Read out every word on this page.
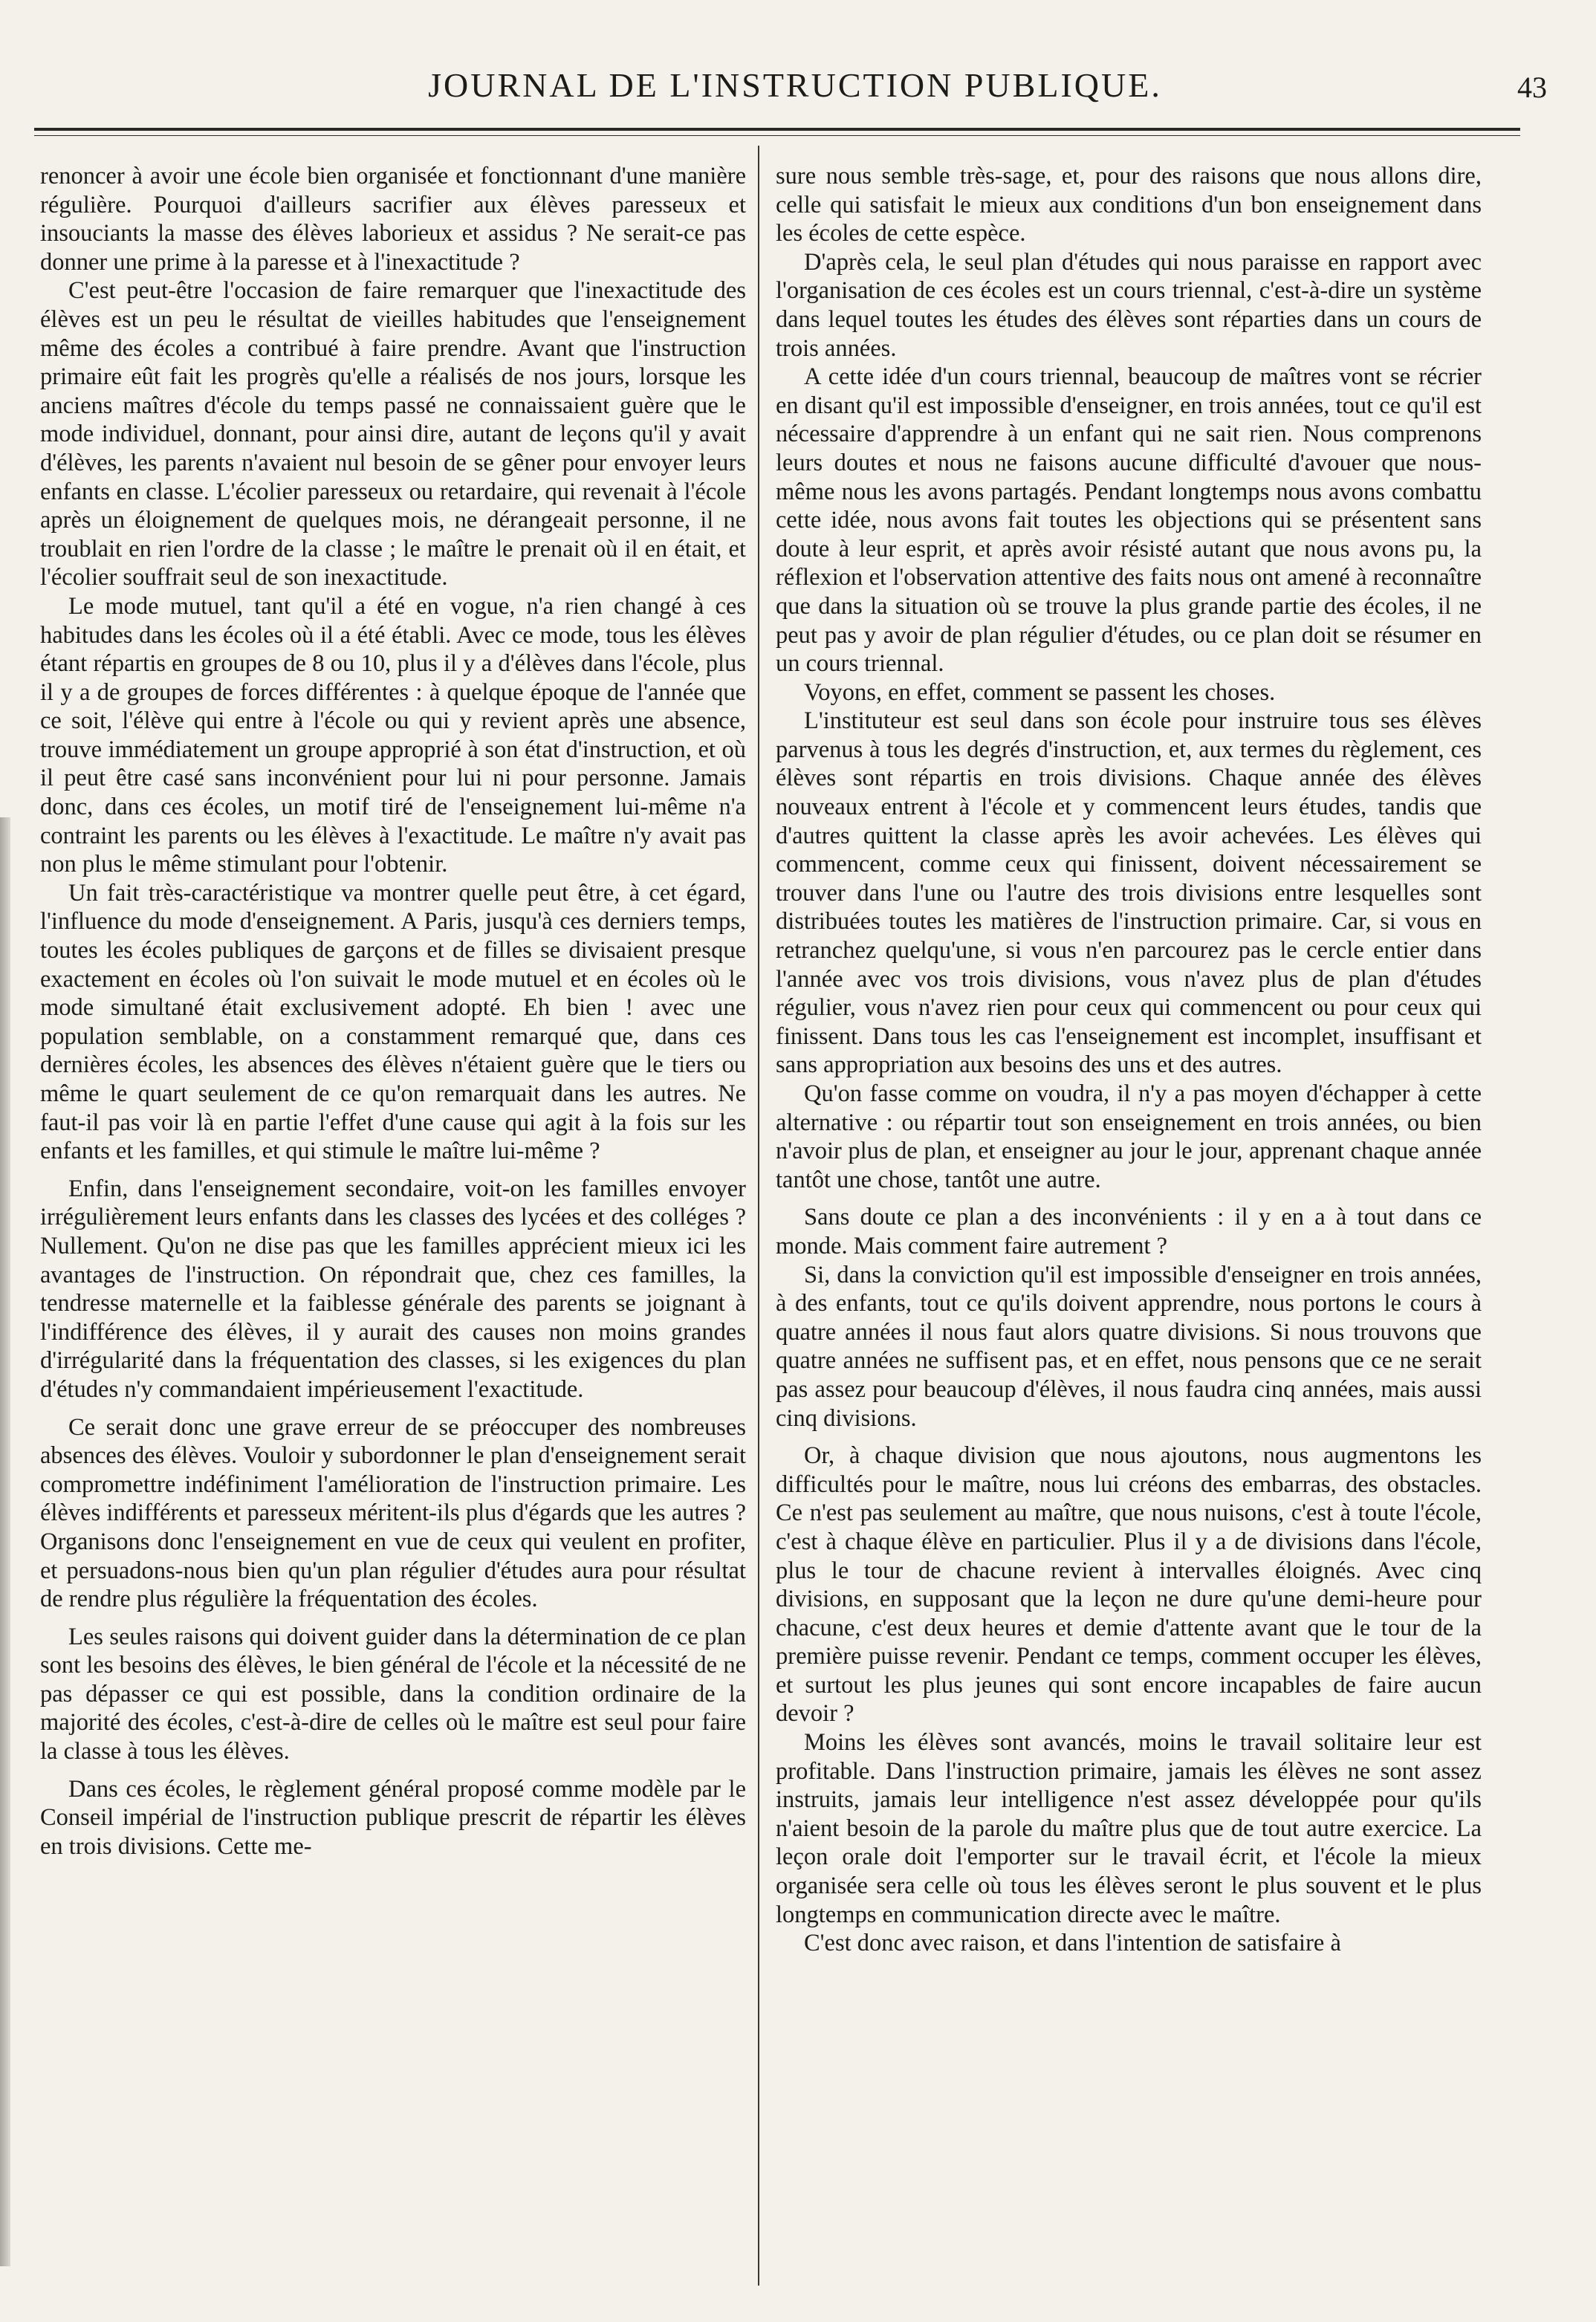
JOURNAL DE L'INSTRUCTION PUBLIQUE.	43

renoncer à avoir une école bien organisée et fonctionnant d'une manière régulière. Pourquoi d'ailleurs sacrifier aux élèves paresseux et insouciants la masse des élèves laborieux et assidus ? Ne serait-ce pas donner une prime à la paresse et à l'inexactitude ?

C'est peut-être l'occasion de faire remarquer que l'inexactitude des élèves est un peu le résultat de vieilles habitudes que l'enseignement même des écoles a contribué à faire prendre. Avant que l'instruction primaire eût fait les progrès qu'elle a réalisés de nos jours, lorsque les anciens maîtres d'école du temps passé ne connaissaient guère que le mode individuel, donnant, pour ainsi dire, autant de leçons qu'il y avait d'élèves, les parents n'avaient nul besoin de se gêner pour envoyer leurs enfants en classe. L'écolier paresseux ou retardaire, qui revenait à l'école après un éloignement de quelques mois, ne dérangeait personne, il ne troublait en rien l'ordre de la classe ; le maître le prenait où il en était, et l'écolier souffrait seul de son inexactitude.

Le mode mutuel, tant qu'il a été en vogue, n'a rien changé à ces habitudes dans les écoles où il a été établi. Avec ce mode, tous les élèves étant répartis en groupes de 8 ou 10, plus il y a d'élèves dans l'école, plus il y a de groupes de forces différentes : à quelque époque de l'année que ce soit, l'élève qui entre à l'école ou qui y revient après une absence, trouve immédiatement un groupe approprié à son état d'instruction, et où il peut être casé sans inconvénient pour lui ni pour personne. Jamais donc, dans ces écoles, un motif tiré de l'enseignement lui-même n'a contraint les parents ou les élèves à l'exactitude. Le maître n'y avait pas non plus le même stimulant pour l'obtenir.

Un fait très-caractéristique va montrer quelle peut être, à cet égard, l'influence du mode d'enseignement. A Paris, jusqu'à ces derniers temps, toutes les écoles publiques de garçons et de filles se divisaient presque exactement en écoles où l'on suivait le mode mutuel et en écoles où le mode simultané était exclusivement adopté. Eh bien ! avec une population semblable, on a constamment remarqué que, dans ces dernières écoles, les absences des élèves n'étaient guère que le tiers ou même le quart seulement de ce qu'on remarquait dans les autres. Ne faut-il pas voir là en partie l'effet d'une cause qui agit à la fois sur les enfants et les familles, et qui stimule le maître lui-même ?

Enfin, dans l'enseignement secondaire, voit-on les familles envoyer irrégulièrement leurs enfants dans les classes des lycées et des colléges ? Nullement. Qu'on ne dise pas que les familles apprécient mieux ici les avantages de l'instruction. On répondrait que, chez ces familles, la tendresse maternelle et la faiblesse générale des parents se joignant à l'indifférence des élèves, il y aurait des causes non moins grandes d'irrégularité dans la fréquentation des classes, si les exigences du plan d'études n'y commandaient impérieusement l'exactitude.

Ce serait donc une grave erreur de se préoccuper des nombreuses absences des élèves. Vouloir y subordonner le plan d'enseignement serait compromettre indéfiniment l'amélioration de l'instruction primaire. Les élèves indifférents et paresseux méritent-ils plus d'égards que les autres ? Organisons donc l'enseignement en vue de ceux qui veulent en profiter, et persuadons-nous bien qu'un plan régulier d'études aura pour résultat de rendre plus régulière la fréquentation des écoles.

Les seules raisons qui doivent guider dans la détermination de ce plan sont les besoins des élèves, le bien général de l'école et la nécessité de ne pas dépasser ce qui est possible, dans la condition ordinaire de la majorité des écoles, c'est-à-dire de celles où le maître est seul pour faire la classe à tous les élèves.

Dans ces écoles, le règlement général proposé comme modèle par le Conseil impérial de l'instruction publique prescrit de répartir les élèves en trois divisions. Cette me-

sure nous semble très-sage, et, pour des raisons que nous allons dire, celle qui satisfait le mieux aux conditions d'un bon enseignement dans les écoles de cette espèce.

D'après cela, le seul plan d'études qui nous paraisse en rapport avec l'organisation de ces écoles est un cours triennal, c'est-à-dire un système dans lequel toutes les études des élèves sont réparties dans un cours de trois années.

A cette idée d'un cours triennal, beaucoup de maîtres vont se récrier en disant qu'il est impossible d'enseigner, en trois années, tout ce qu'il est nécessaire d'apprendre à un enfant qui ne sait rien. Nous comprenons leurs doutes et nous ne faisons aucune difficulté d'avouer que nous-même nous les avons partagés. Pendant longtemps nous avons combattu cette idée, nous avons fait toutes les objections qui se présentent sans doute à leur esprit, et après avoir résisté autant que nous avons pu, la réflexion et l'observation attentive des faits nous ont amené à reconnaître que dans la situation où se trouve la plus grande partie des écoles, il ne peut pas y avoir de plan régulier d'études, ou ce plan doit se résumer en un cours triennal.

Voyons, en effet, comment se passent les choses.

L'instituteur est seul dans son école pour instruire tous ses élèves parvenus à tous les degrés d'instruction, et, aux termes du règlement, ces élèves sont répartis en trois divisions. Chaque année des élèves nouveaux entrent à l'école et y commencent leurs études, tandis que d'autres quittent la classe après les avoir achevées. Les élèves qui commencent, comme ceux qui finissent, doivent nécessairement se trouver dans l'une ou l'autre des trois divisions entre lesquelles sont distribuées toutes les matières de l'instruction primaire. Car, si vous en retranchez quelqu'une, si vous n'en parcourez pas le cercle entier dans l'année avec vos trois divisions, vous n'avez plus de plan d'études régulier, vous n'avez rien pour ceux qui commencent ou pour ceux qui finissent. Dans tous les cas l'enseignement est incomplet, insuffisant et sans appropriation aux besoins des uns et des autres.

Qu'on fasse comme on voudra, il n'y a pas moyen d'échapper à cette alternative : ou répartir tout son enseignement en trois années, ou bien n'avoir plus de plan, et enseigner au jour le jour, apprenant chaque année tantôt une chose, tantôt une autre.

Sans doute ce plan a des inconvénients : il y en a à tout dans ce monde. Mais comment faire autrement ?

Si, dans la conviction qu'il est impossible d'enseigner en trois années, à des enfants, tout ce qu'ils doivent apprendre, nous portons le cours à quatre années il nous faut alors quatre divisions. Si nous trouvons que quatre années ne suffisent pas, et en effet, nous pensons que ce ne serait pas assez pour beaucoup d'élèves, il nous faudra cinq années, mais aussi cinq divisions.

Or, à chaque division que nous ajoutons, nous augmentons les difficultés pour le maître, nous lui créons des embarras, des obstacles. Ce n'est pas seulement au maître, que nous nuisons, c'est à toute l'école, c'est à chaque élève en particulier. Plus il y a de divisions dans l'école, plus le tour de chacune revient à intervalles éloignés. Avec cinq divisions, en supposant que la leçon ne dure qu'une demi-heure pour chacune, c'est deux heures et demie d'attente avant que le tour de la première puisse revenir. Pendant ce temps, comment occuper les élèves, et surtout les plus jeunes qui sont encore incapables de faire aucun devoir ?

Moins les élèves sont avancés, moins le travail solitaire leur est profitable. Dans l'instruction primaire, jamais les élèves ne sont assez instruits, jamais leur intelligence n'est assez développée pour qu'ils n'aient besoin de la parole du maître plus que de tout autre exercice. La leçon orale doit l'emporter sur le travail écrit, et l'école la mieux organisée sera celle où tous les élèves seront le plus souvent et le plus longtemps en communication directe avec le maître.

C'est donc avec raison, et dans l'intention de satisfaire à
